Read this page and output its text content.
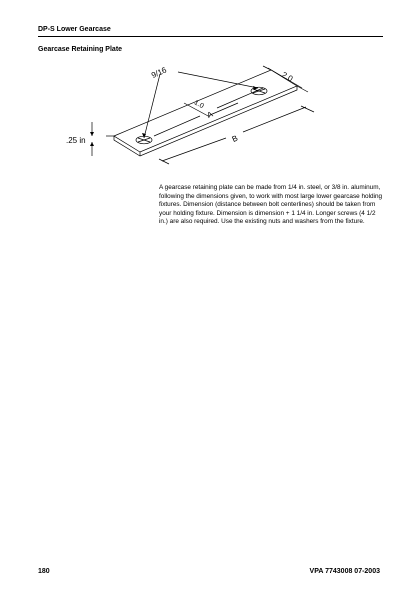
DP-S Lower Gearcase
Gearcase Retaining Plate
9/16	2.0
1.0
A
B
.25 in
A gearcase retaining plate can be made from 1/4 in. steel, or 3/8 in. aluminum, following the dimensions given, to work with most large lower gearcase holding fixtures. Dimension (distance between bolt centerlines) should be taken from your holding fixture. Dimension is dimension + 1 1/4 in. Longer screws (4 1/2 in.) are also required. Use the existing nuts and washers from the fixture.
180	VPA 7743008 07-2003
